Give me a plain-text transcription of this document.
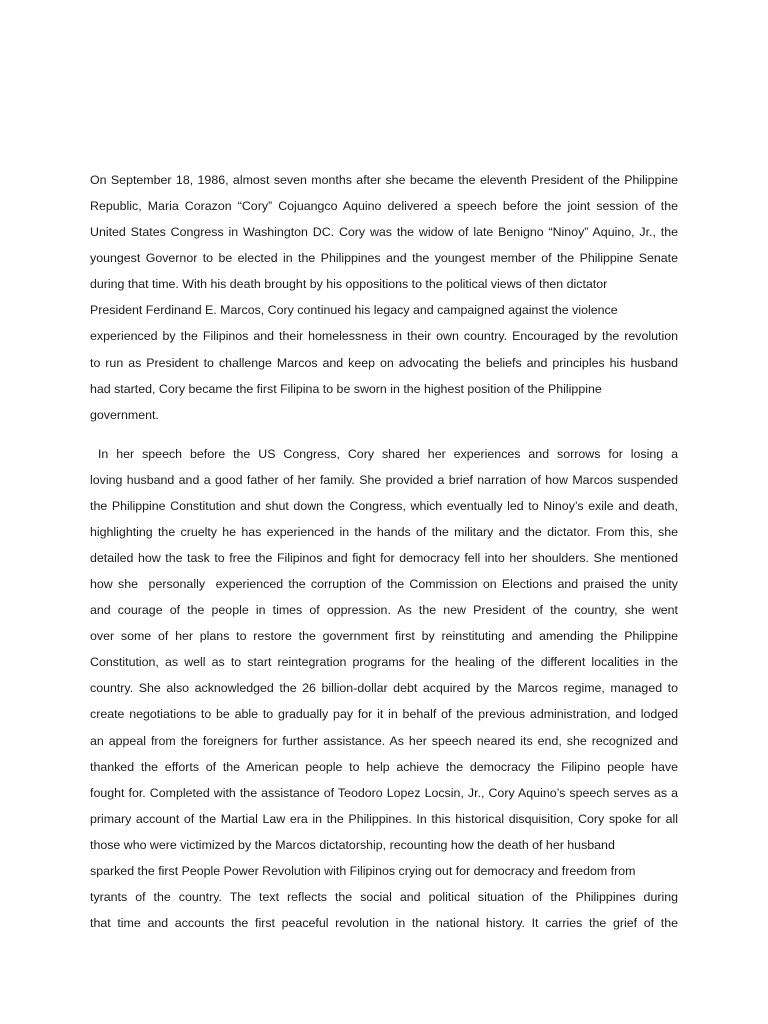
On September 18, 1986, almost seven months after she became the eleventh President of the Philippine
Republic, Maria Corazon “Cory” Cojuangco Aquino delivered a speech before the joint session of the
United States Congress in Washington DC. Cory was the widow of late Benigno “Ninoy” Aquino, Jr., the
youngest Governor to be elected in the Philippines and the youngest member of the Philippine Senate
during that time. With his death brought by his oppositions to the political views of then dictator
President Ferdinand E. Marcos, Cory continued his legacy and campaigned against the violence
experienced by the Filipinos and their homelessness in their own country. Encouraged by the revolution
to run as President to challenge Marcos and keep on advocating the beliefs and principles his husband
had started, Cory became the first Filipina to be sworn in the highest position of the Philippine
government.
In her speech before the US Congress, Cory shared her experiences and sorrows for losing a
loving husband and a good father of her family. She provided a brief narration of how Marcos suspended
the Philippine Constitution and shut down the Congress, which eventually led to Ninoy’s exile and death,
highlighting the cruelty he has experienced in the hands of the military and the dictator. From this, she
detailed how the task to free the Filipinos and fight for democracy fell into her shoulders. She mentioned
how she  personally  experienced the corruption of the Commission on Elections and praised the unity
and courage of the people in times of oppression. As the new President of the country, she went
over some of her plans to restore the government first by reinstituting and amending the Philippine
Constitution, as well as to start reintegration programs for the healing of the different localities in the
country. She also acknowledged the 26 billion-dollar debt acquired by the Marcos regime, managed to
create negotiations to be able to gradually pay for it in behalf of the previous administration, and lodged
an appeal from the foreigners for further assistance. As her speech neared its end, she recognized and
thanked the efforts of the American people to help achieve the democracy the Filipino people have
fought for. Completed with the assistance of Teodoro Lopez Locsin, Jr., Cory Aquino’s speech serves as a
primary account of the Martial Law era in the Philippines. In this historical disquisition, Cory spoke for all
those who were victimized by the Marcos dictatorship, recounting how the death of her husband
sparked the first People Power Revolution with Filipinos crying out for democracy and freedom from
tyrants of the country. The text reflects the social and political situation of the Philippines during
that time and accounts the first peaceful revolution in the national history. It carries the grief of the
